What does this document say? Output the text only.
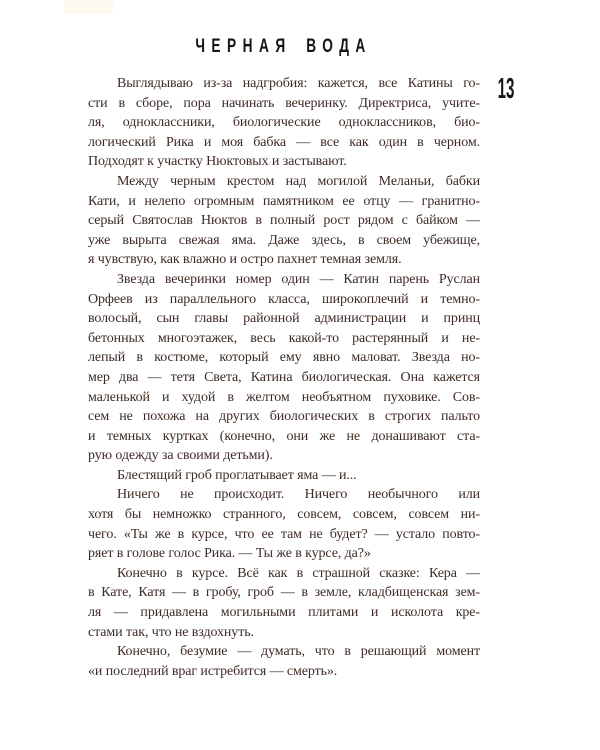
ЧЕРНАЯ ВОДА
13
Выглядываю из-за надгробия: кажется, все Катины го-
сти в сборе, пора начинать вечеринку. Директриса, учите-
ля, одноклассники, биологические одноклассников, био-
логический Рика и моя бабка — все как один в черном.
Подходят к участку Нюктовых и застывают.
Между черным крестом над могилой Меланьи, бабки
Кати, и нелепо огромным памятником ее отцу — гранитно-
серый Святослав Нюктов в полный рост рядом с байком —
уже вырыта свежая яма. Даже здесь, в своем убежище,
я чувствую, как влажно и остро пахнет темная земля.
Звезда вечеринки номер один — Катин парень Руслан
Орфеев из параллельного класса, широкоплечий и темно-
волосый, сын главы районной администрации и принц
бетонных многоэтажек, весь какой-то растерянный и не-
лепый в костюме, который ему явно маловат. Звезда но-
мер два — тетя Света, Катина биологическая. Она кажется
маленькой и худой в желтом необъятном пуховике. Сов-
сем не похожа на других биологических в строгих пальто
и темных куртках (конечно, они же не донашивают ста-
рую одежду за своими детьми).
Блестящий гроб проглатывает яма — и...
Ничего не происходит. Ничего необычного или
хотя бы немножко странного, совсем, совсем, совсем ни-
чего. «Ты же в курсе, что ее там не будет? — устало повто-
ряет в голове голос Рика. — Ты же в курсе, да?»
Конечно в курсе. Всё как в страшной сказке: Кера —
в Кате, Катя — в гробу, гроб — в земле, кладбищенская зем-
ля — придавлена могильными плитами и исколота кре-
стами так, что не вздохнуть.
Конечно, безумие — думать, что в решающий момент
«и последний враг истребится — смерть».
